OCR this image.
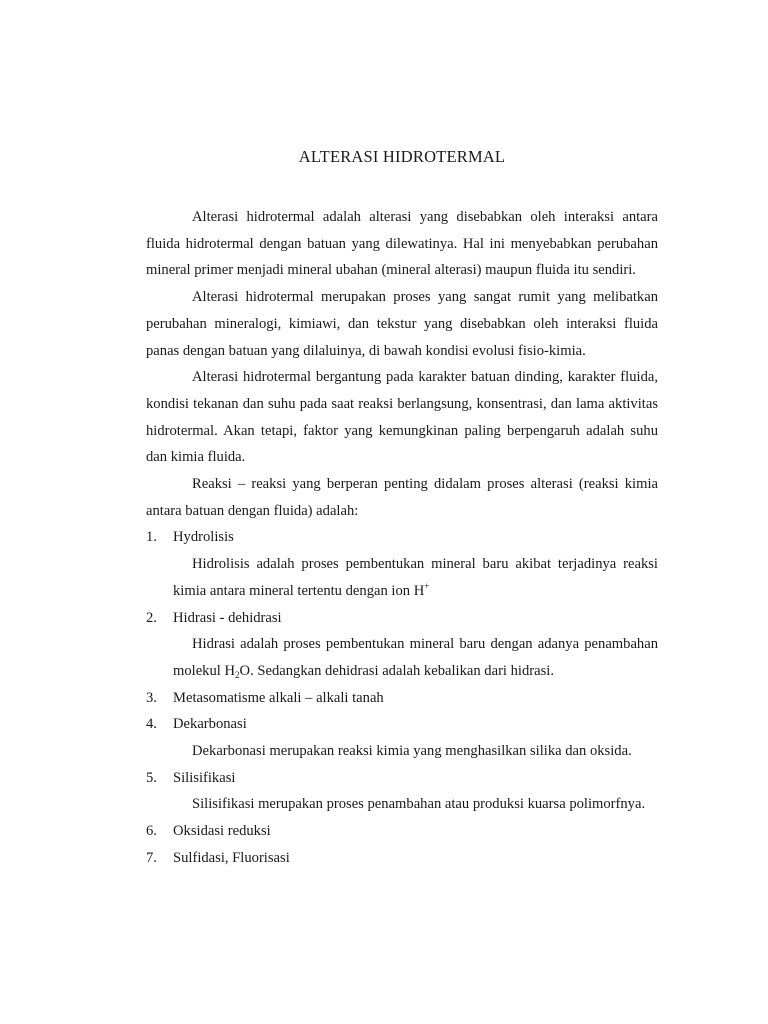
ALTERASI HIDROTERMAL

Alterasi hidrotermal adalah alterasi yang disebabkan oleh interaksi antara fluida hidrotermal dengan batuan yang dilewatinya. Hal ini menyebabkan perubahan mineral primer menjadi mineral ubahan (mineral alterasi) maupun fluida itu sendiri.

Alterasi hidrotermal merupakan proses yang sangat rumit yang melibatkan perubahan mineralogi, kimiawi, dan tekstur yang disebabkan oleh interaksi fluida panas dengan batuan yang dilaluinya, di bawah kondisi evolusi fisio-kimia.

Alterasi hidrotermal bergantung pada karakter batuan dinding, karakter fluida, kondisi tekanan dan suhu pada saat reaksi berlangsung, konsentrasi, dan lama aktivitas hidrotermal. Akan tetapi, faktor yang kemungkinan paling berpengaruh adalah suhu dan kimia fluida.

Reaksi – reaksi yang berperan penting didalam proses alterasi (reaksi kimia antara batuan dengan fluida) adalah:

1. Hydrolisis

Hidrolisis adalah proses pembentukan mineral baru akibat terjadinya reaksi kimia antara mineral tertentu dengan ion H+

2. Hidrasi - dehidrasi

Hidrasi adalah proses pembentukan mineral baru dengan adanya penambahan molekul $H_2O$. Sedangkan dehidrasi adalah kebalikan dari hidrasi.

3. Metasomatisme alkali – alkali tanah
4. Dekarbonasi

Dekarbonasi merupakan reaksi kimia yang menghasilkan silika dan oksida.

5. Silisifikasi

Silisifikasi merupakan proses penambahan atau produksi kuarsa polimorfnya.

6. Oksidasi reduksi
7. Sulfidasi, Fluorisasi
